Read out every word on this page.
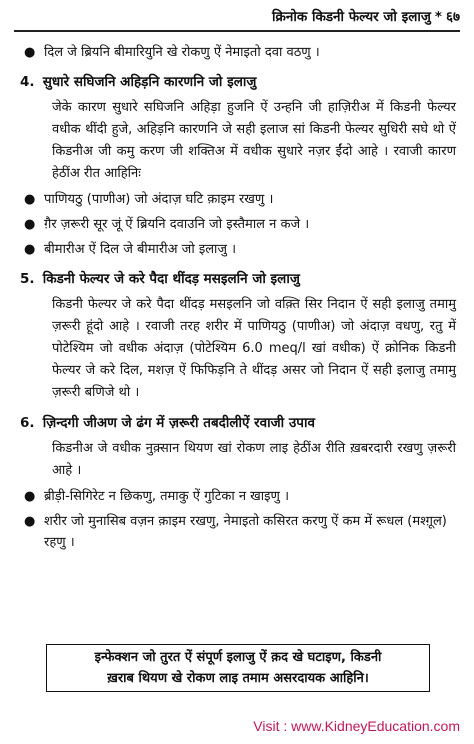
क्रिनोक किडनी फेल्यर जो इलाजु * ६७
● दिल जे ब्रियनि बीमारियुनि खे रोकणु ऐं नेमाइतो दवा वठणु ।
4. सुधारे सघिजनि अहिड़नि कारणनि जो इलाजु
जेके कारण सुधारे सघिजनि अहिड़ा हुजनि ऐं उन्हनि जी हाज़िरीअ में किडनी फेल्यर वधीक थींदी हुजे, अहिड़नि कारणनि जे सही इलाज सां किडनी फेल्यर सुधिरी सघे थो ऐं किडनीअ जी कमु करण जी शक्तिअ में वधीक सुधारे नज़र ईंदो आहे । रवाजी कारण हेठींअ रीत आहिनिः
● पाणियठु (पाणीअ) जो अंदाज़ घटि क़ाइम रखणु ।
● ग़ैर ज़रूरी सूर जूं ऐं ब्रियनि दवाउनि जो इस्तैमाल न कजे ।
● बीमारीअ ऐं दिल जे बीमारीअ जो इलाजु ।
5. किडनी फेल्यर जे करे पैदा थींदड़ मसइलनि जो इलाजु
किडनी फेल्यर जे करे पैदा थींदड़ मसइलनि जो वक़्ति सिर निदान ऐं सही इलाजु तमामु ज़रूरी हूंदो आहे । रवाजी तरह शरीर में पाणियठु (पाणीअ) जो अंदाज़ वधणु, रतु में पोटेश्यिम जो वधीक अंदाज़ (पोटेश्यिम 6.0 meq/l खां वधीक) ऐं क्रोनिक किडनी फेल्यर जे करे दिल, मशज़ ऐं फिफिड़नि ते थींदड़ असर जो निदान ऐं सही इलाजु तमामु ज़रूरी बणिजे थो ।
6. ज़िन्दगी जीअण जे ढंग में ज़रूरी तबदीलीऐं रवाजी उपाव
किडनीअ जे वधीक नुक़्सान थियण खां रोकण लाइ हेठींअ रीति ख़बरदारी रखणु ज़रूरी आहे ।
● ब्रीड़ी-सिगिरेट न छिकणु, तमाकु ऐं गुटिका न खाइणु ।
● शरीर जो मुनासिब वज़न क़ाइम रखणु, नेमाइतो कसिरत करणु ऐं कम में रूधल (मश्ग़ूल) रहणु ।
इन्फेक्शन जो तुरत ऐं संपूर्ण इलाजु ऐं क़द खे घटाइण, किडनी
ख़राब थियण खे रोकण लाइ तमाम असरदायक आहिनि।
Visit : www.KidneyEducation.com
